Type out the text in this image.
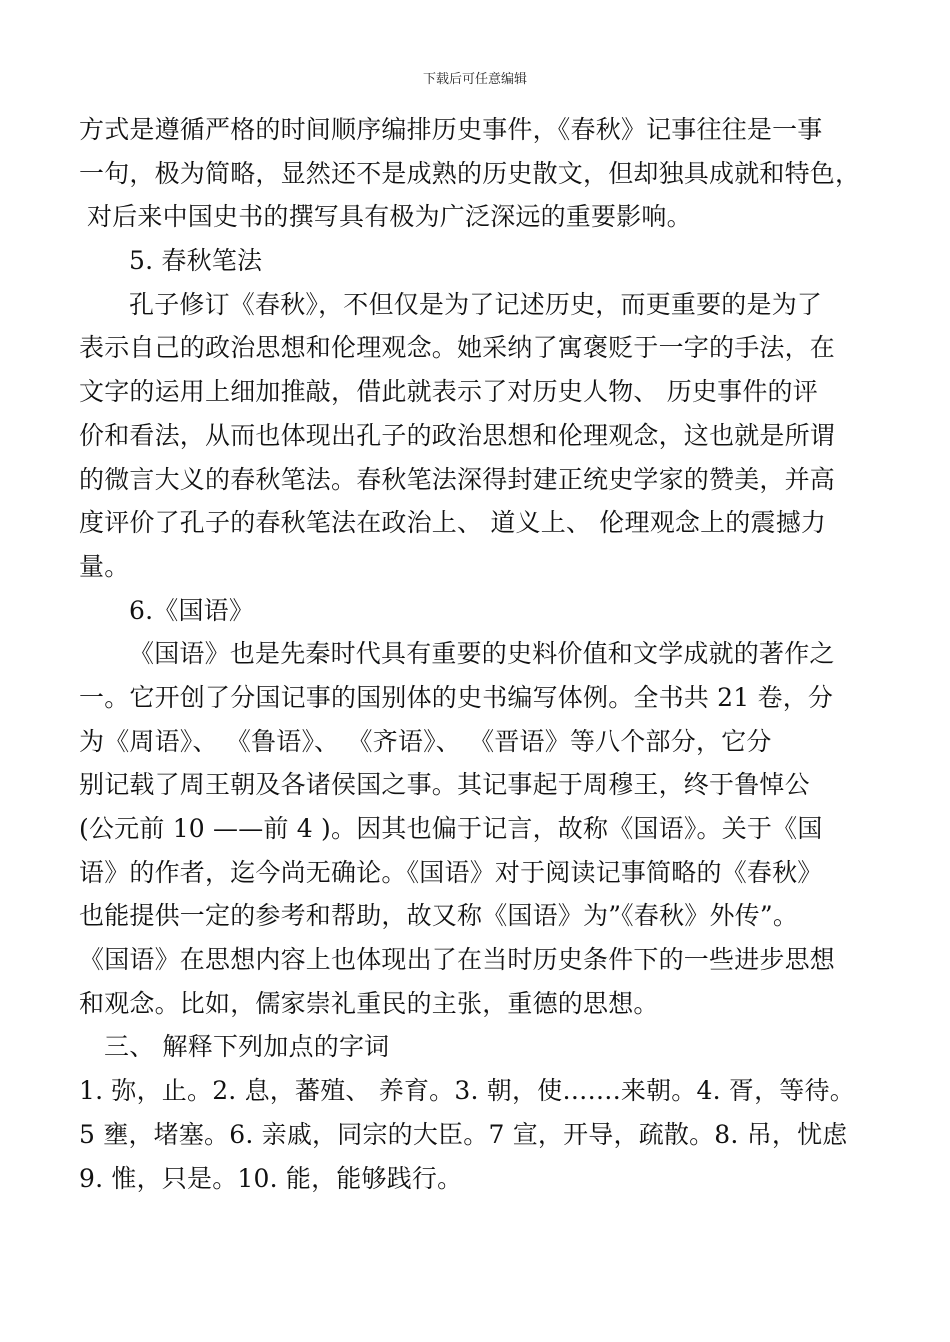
下载后可任意编辑
方式是遵循严格的时间顺序编排历史事件，《春秋》记事往往是一事
一句，极为简略，显然还不是成熟的历史散文，但却独具成就和特色，
对后来中国史书的撰写具有极为广泛深远的重要影响。
5. 春秋笔法
孔子修订《春秋》，不但仅是为了记述历史，而更重要的是为了
表示自己的政治思想和伦理观念。她采纳了寓褒贬于一字的手法，在
文字的运用上细加推敲，借此就表示了对历史人物、 历史事件的评
价和看法，从而也体现出孔子的政治思想和伦理观念，这也就是所谓
的微言大义的春秋笔法。春秋笔法深得封建正统史学家的赞美，并高
度评价了孔子的春秋笔法在政治上、 道义上、 伦理观念上的震撼力
量。
6.《国语》
《国语》也是先秦时代具有重要的史料价值和文学成就的著作之
一。它开创了分国记事的国别体的史书编写体例。全书共 21 卷，分
为《周语》、 《鲁语》、 《齐语》、 《晋语》等八个部分，它分
别记载了周王朝及各诸侯国之事。其记事起于周穆王，终于鲁悼公
(公元前 10 ——前 4 )。因其也偏于记言，故称《国语》。关于《国
语》的作者，迄今尚无确论。《国语》对于阅读记事简略的《春秋》
也能提供一定的参考和帮助，故又称《国语》为”《春秋》外传”。
《国语》在思想内容上也体现出了在当时历史条件下的一些进步思想
和观念。比如，儒家崇礼重民的主张，重德的思想。
三、 解释下列加点的字词
1. 弥，止。2. 息，蕃殖、 养育。3. 朝，使…….来朝。4. 胥，等待。
5 壅，堵塞。6. 亲戚，同宗的大臣。7 宣，开导，疏散。8. 吊，忧虑
9. 惟，只是。10. 能，能够践行。
